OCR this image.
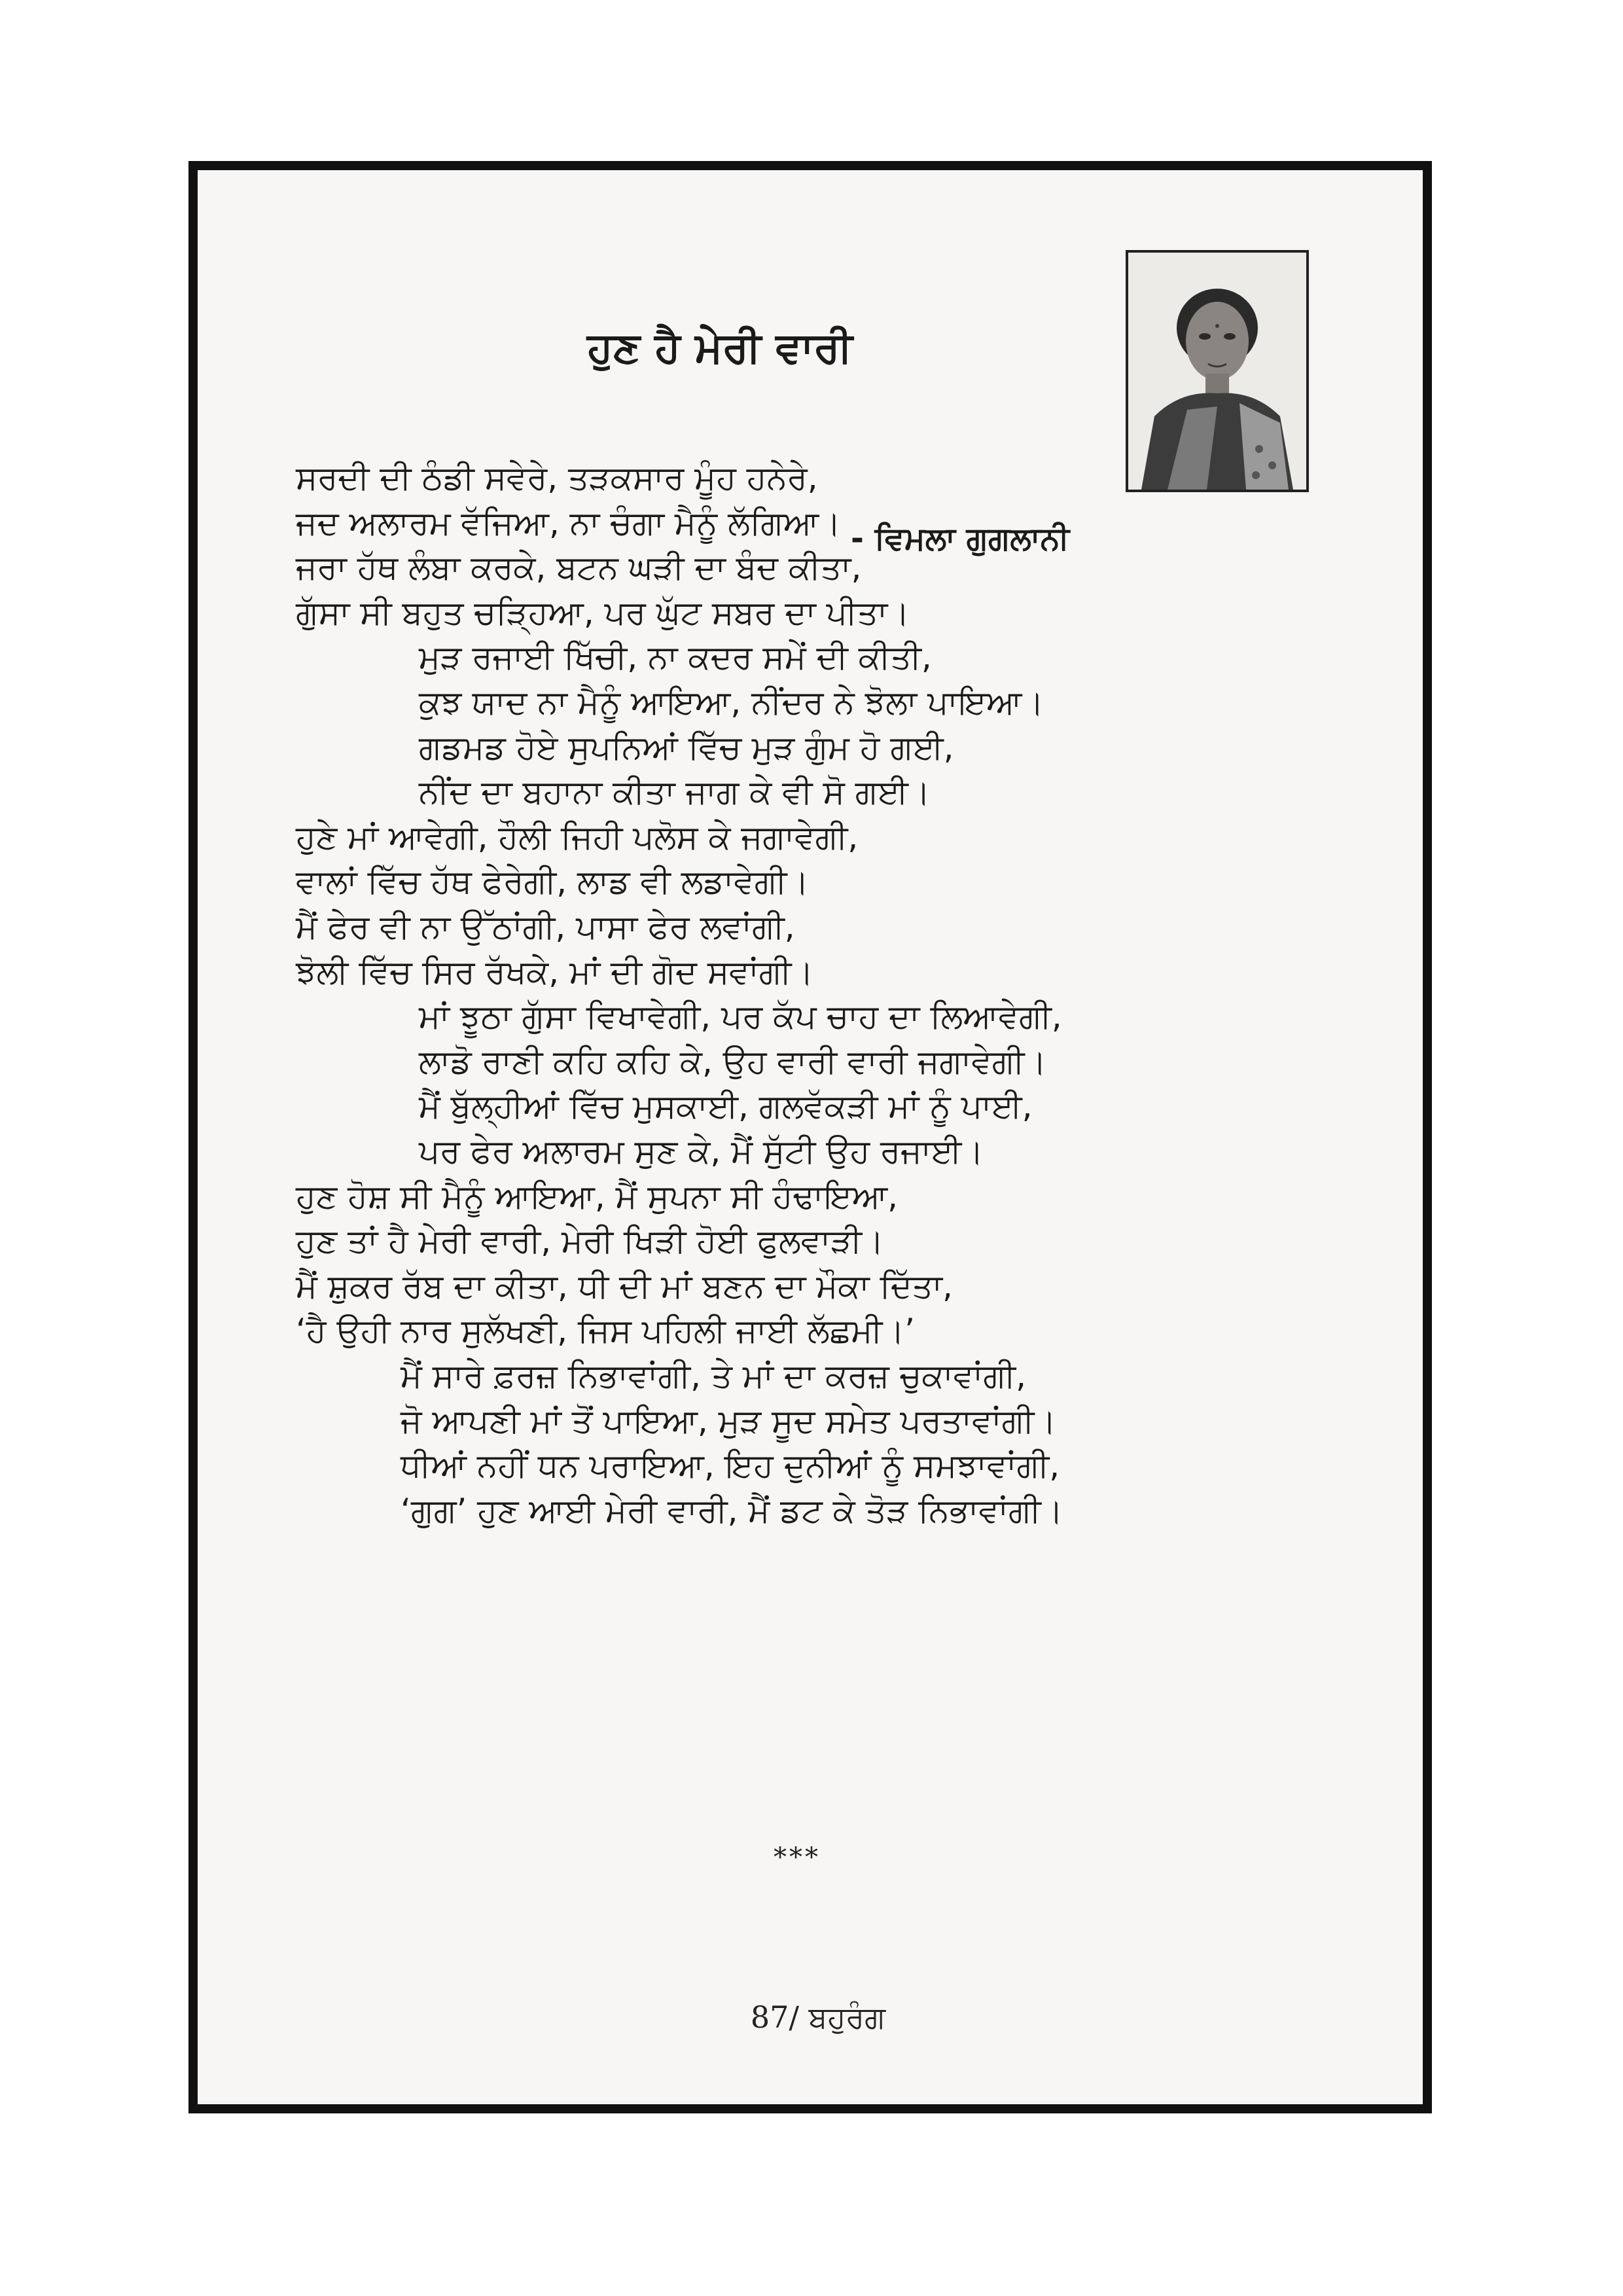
ਹੁਣ ਹੈ ਮੇਰੀ ਵਾਰੀ
- ਵਿਮਲਾ ਗੁਗਲਾਨੀ
ਸਰਦੀ ਦੀ ਠੰਡੀ ਸਵੇਰੇ, ਤੜਕਸਾਰ ਮੂੰਹ ਹਨੇਰੇ,
ਜਦ ਅਲਾਰਮ ਵੱਜਿਆ, ਨਾ ਚੰਗਾ ਮੈਨੂੰ ਲੱਗਿਆ।
ਜਰਾ ਹੱਥ ਲੰਬਾ ਕਰਕੇ, ਬਟਨ ਘੜੀ ਦਾ ਬੰਦ ਕੀਤਾ,
ਗੁੱਸਾ ਸੀ ਬਹੁਤ ਚੜ੍ਹਿਆ, ਪਰ ਘੁੱਟ ਸਬਰ ਦਾ ਪੀਤਾ।
ਮੁੜ ਰਜਾਈ ਖਿੱਚੀ, ਨਾ ਕਦਰ ਸਮੇਂ ਦੀ ਕੀਤੀ,
ਕੁਝ ਯਾਦ ਨਾ ਮੈਨੂੰ ਆਇਆ, ਨੀਂਦਰ ਨੇ ਝੋਲਾ ਪਾਇਆ।
ਗਡਮਡ ਹੋਏ ਸੁਪਨਿਆਂ ਵਿੱਚ ਮੁੜ ਗੁੰਮ ਹੋ ਗਈ,
ਨੀਂਦ ਦਾ ਬਹਾਨਾ ਕੀਤਾ ਜਾਗ ਕੇ ਵੀ ਸੋ ਗਈ।
ਹੁਣੇ ਮਾਂ ਆਵੇਗੀ, ਹੌਲੀ ਜਿਹੀ ਪਲੋਸ ਕੇ ਜਗਾਵੇਗੀ,
ਵਾਲਾਂ ਵਿੱਚ ਹੱਥ ਫੇਰੇਗੀ, ਲਾਡ ਵੀ ਲਡਾਵੇਗੀ।
ਮੈਂ ਫੇਰ ਵੀ ਨਾ ਉੱਠਾਂਗੀ, ਪਾਸਾ ਫੇਰ ਲਵਾਂਗੀ,
ਝੋਲੀ ਵਿੱਚ ਸਿਰ ਰੱਖਕੇ, ਮਾਂ ਦੀ ਗੋਦ ਸਵਾਂਗੀ।
ਮਾਂ ਝੂਠਾ ਗੁੱਸਾ ਵਿਖਾਵੇਗੀ, ਪਰ ਕੱਪ ਚਾਹ ਦਾ ਲਿਆਵੇਗੀ,
ਲਾਡੋ ਰਾਣੀ ਕਹਿ ਕਹਿ ਕੇ, ਉਹ ਵਾਰੀ ਵਾਰੀ ਜਗਾਵੇਗੀ।
ਮੈਂ ਬੁੱਲ੍ਹੀਆਂ ਵਿੱਚ ਮੁਸਕਾਈ, ਗਲਵੱਕੜੀ ਮਾਂ ਨੂੰ ਪਾਈ,
ਪਰ ਫੇਰ ਅਲਾਰਮ ਸੁਣ ਕੇ, ਮੈਂ ਸੁੱਟੀ ਉਹ ਰਜਾਈ।
ਹੁਣ ਹੋਸ਼ ਸੀ ਮੈਨੂੰ ਆਇਆ, ਮੈਂ ਸੁਪਨਾ ਸੀ ਹੰਢਾਇਆ,
ਹੁਣ ਤਾਂ ਹੈ ਮੇਰੀ ਵਾਰੀ, ਮੇਰੀ ਖਿੜੀ ਹੋਈ ਫੁਲਵਾੜੀ।
ਮੈਂ ਸ਼ੁਕਰ ਰੱਬ ਦਾ ਕੀਤਾ, ਧੀ ਦੀ ਮਾਂ ਬਣਨ ਦਾ ਮੌਕਾ ਦਿੱਤਾ,
‘ਹੈ ਉਹੀ ਨਾਰ ਸੁਲੱਖਣੀ, ਜਿਸ ਪਹਿਲੀ ਜਾਈ ਲੱਛਮੀ।’
ਮੈਂ ਸਾਰੇ ਫ਼ਰਜ਼ ਨਿਭਾਵਾਂਗੀ, ਤੇ ਮਾਂ ਦਾ ਕਰਜ਼ ਚੁਕਾਵਾਂਗੀ,
ਜੋ ਆਪਣੀ ਮਾਂ ਤੋਂ ਪਾਇਆ, ਮੁੜ ਸੂਦ ਸਮੇਤ ਪਰਤਾਵਾਂਗੀ।
ਧੀਆਂ ਨਹੀਂ ਧਨ ਪਰਾਇਆ, ਇਹ ਦੁਨੀਆਂ ਨੂੰ ਸਮਝਾਵਾਂਗੀ,
‘ਗੁਗ’ ਹੁਣ ਆਈ ਮੇਰੀ ਵਾਰੀ, ਮੈਂ ਡਟ ਕੇ ਤੋੜ ਨਿਭਾਵਾਂਗੀ।
***
87/ ਬਹੁਰੰਗ
